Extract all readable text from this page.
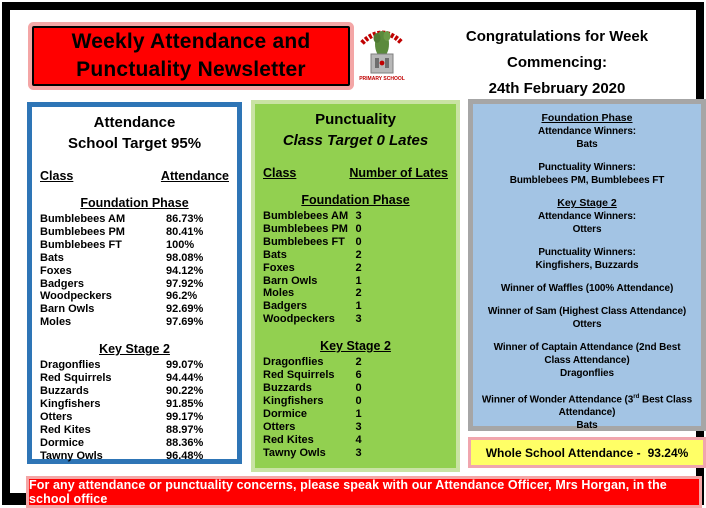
Weekly Attendance and
Punctuality Newsletter	PRIMARY SCHOOL
Congratulations for Week Commencing:
24th February 2020
Attendance
School Target 95%
Class	Attendance
Foundation Phase
Bumblebees AM	86.73%
Bumblebees PM	80.41%
Bumblebees FT	100%
Bats	98.08%
Foxes	94.12%
Badgers	97.92%
Woodpeckers	96.2%
Barn Owls	92.69%
Moles	97.69%
Key Stage 2
Dragonflies	99.07%
Red Squirrels	94.44%
Buzzards	90.22%
Kingfishers	91.85%
Otters	99.17%
Red Kites	88.97%
Dormice	88.36%
Tawny Owls	96.48%
Punctuality
Class Target 0 Lates
Class	Number of Lates
Foundation Phase
Bumblebees AM 3
Bumblebees PM 0
Bumblebees FT 0
Bats	2
Foxes	2
Barn Owls	1
Moles	2
Badgers	1
Woodpeckers	3
Key Stage 2
Dragonflies	2
Red Squirrels	6
Buzzards	0
Kingfishers	0
Dormice	1
Otters	3
Red Kites	4
Tawny Owls	3
Foundation Phase
Attendance Winners:
Bats
Punctuality Winners:
Bumblebees PM, Bumblebees FT
Key Stage 2
Attendance Winners:
Otters
Punctuality Winners:
Kingfishers, Buzzards
Winner of Waffles (100% Attendance)
Winner of Sam (Highest Class Attendance)
Otters
Winner of Captain Attendance (2nd Best Class Attendance)
Dragonflies
Winner of Wonder Attendance (3rd Best Class Attendance)
Bats
Whole School Attendance - 93.24%
For any attendance or punctuality concerns, please speak with our Attendance Officer, Mrs Horgan, in the school office
